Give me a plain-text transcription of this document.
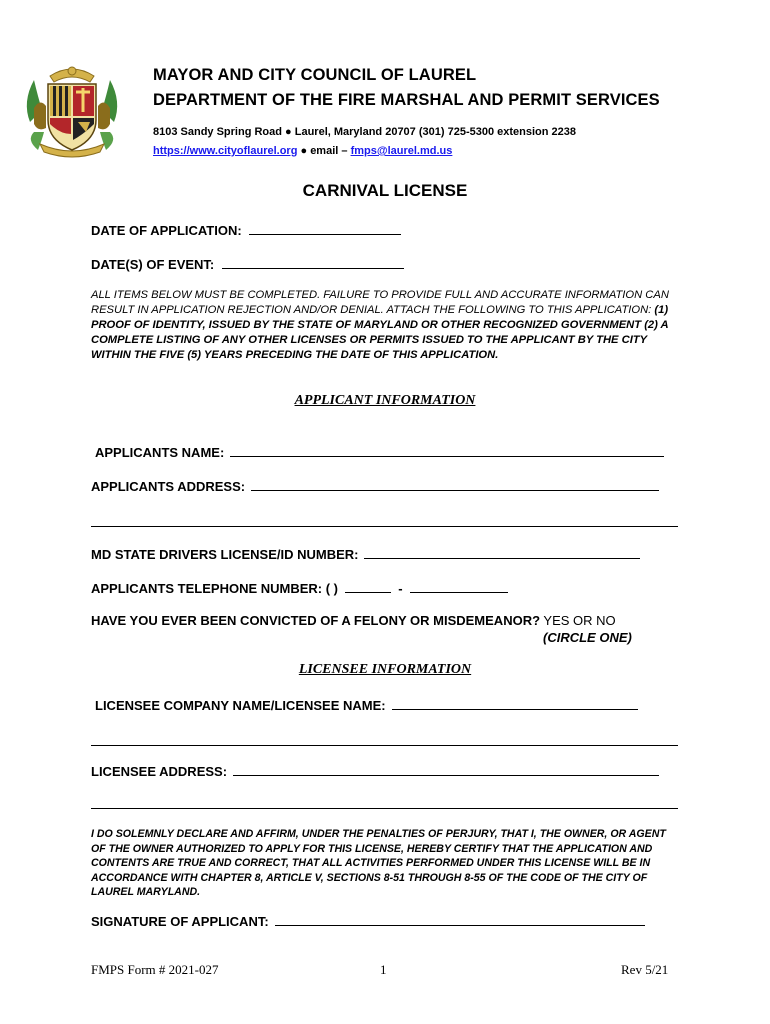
MAYOR AND CITY COUNCIL OF LAUREL
DEPARTMENT OF THE FIRE MARSHAL AND PERMIT SERVICES
8103 Sandy Spring Road ● Laurel, Maryland 20707 (301) 725-5300 extension 2238
https://www.cityoflaurel.org ● email – fmps@laurel.md.us
CARNIVAL LICENSE
DATE OF APPLICATION:
DATE(S) OF EVENT:
ALL ITEMS BELOW MUST BE COMPLETED. FAILURE TO PROVIDE FULL AND ACCURATE INFORMATION CAN RESULT IN APPLICATION REJECTION AND/OR DENIAL. ATTACH THE FOLLOWING TO THIS APPLICATION: (1) PROOF OF IDENTITY, ISSUED BY THE STATE OF MARYLAND OR OTHER RECOGNIZED GOVERNMENT (2) A COMPLETE LISTING OF ANY OTHER LICENSES OR PERMITS ISSUED TO THE APPLICANT BY THE CITY WITHIN THE FIVE (5) YEARS PRECEDING THE DATE OF THIS APPLICATION.
APPLICANT INFORMATION
APPLICANTS NAME:
APPLICANTS ADDRESS:
MD STATE DRIVERS LICENSE/ID NUMBER:
APPLICANTS TELEPHONE NUMBER: ( )	-
HAVE YOU EVER BEEN CONVICTED OF A FELONY OR MISDEMEANOR? YES OR NO
(CIRCLE ONE)
LICENSEE INFORMATION
LICENSEE COMPANY NAME/LICENSEE NAME:
LICENSEE ADDRESS:
I DO SOLEMNLY DECLARE AND AFFIRM, UNDER THE PENALTIES OF PERJURY, THAT I, THE OWNER, OR AGENT OF THE OWNER AUTHORIZED TO APPLY FOR THIS LICENSE, HEREBY CERTIFY THAT THE APPLICATION AND CONTENTS ARE TRUE AND CORRECT, THAT ALL ACTIVITIES PERFORMED UNDER THIS LICENSE WILL BE IN ACCORDANCE WITH CHAPTER 8, ARTICLE V, SECTIONS 8-51 THROUGH 8-55 OF THE CODE OF THE CITY OF LAUREL MARYLAND.
SIGNATURE OF APPLICANT:
FMPS Form # 2021-027	1	Rev 5/21
